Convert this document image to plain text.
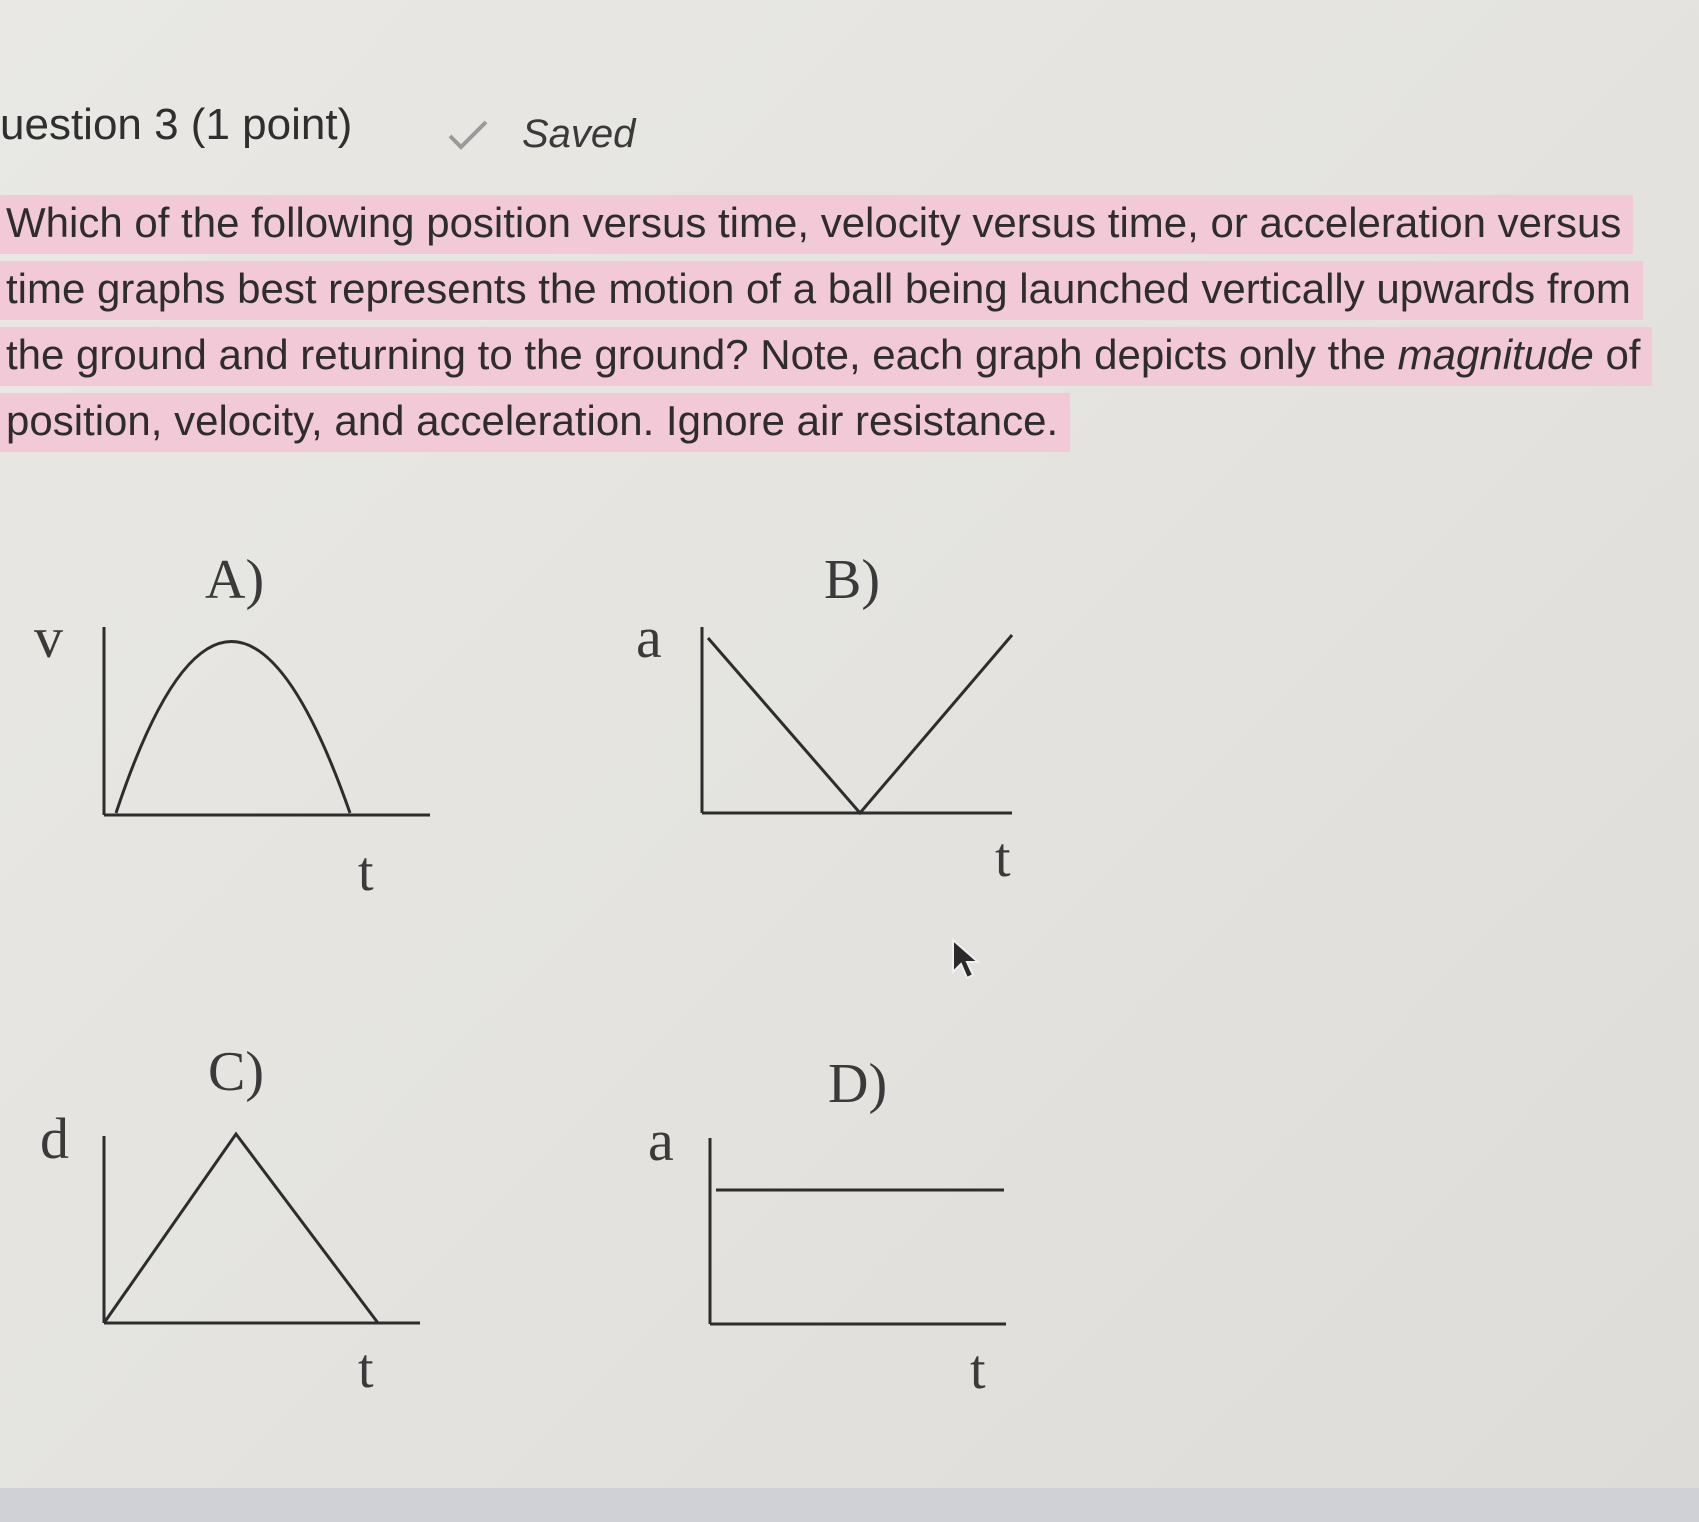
uestion 3 (1 point)	Saved
Which of the following position versus time, velocity versus time, or acceleration versus time graphs best represents the motion of a ball being launched vertically upwards from the ground and returning to the ground? Note, each graph depicts only the magnitude of position, velocity, and acceleration. Ignore air resistance.
A)
v
t
B)
a
t
C)
d
t
D)
a
t
